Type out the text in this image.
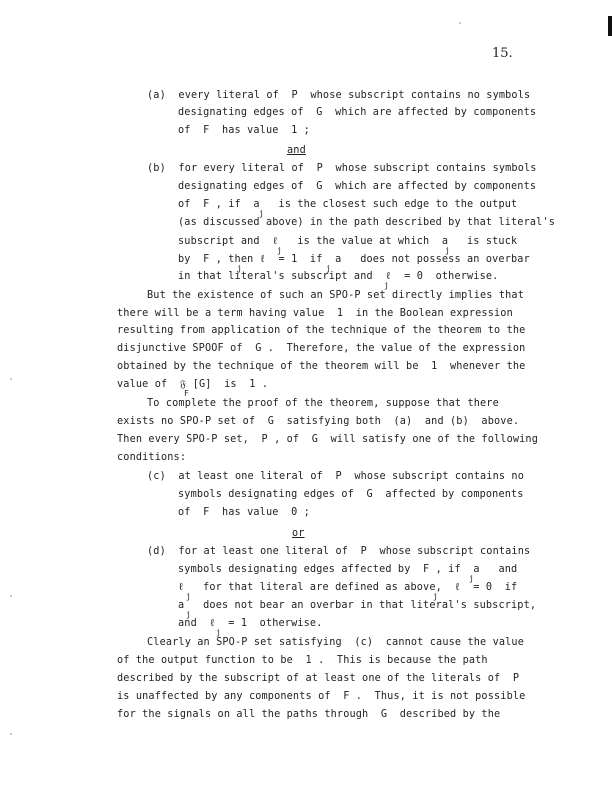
15.
(a)  every literal of  P  whose subscript contains no symbols
designating edges of  G  which are affected by components
of  F  has value  1 ;
and
(b)  for every literal of  P  whose subscript contains symbols
designating edges of  G  which are affected by components
of  F , if  a   is the closest such edge to the output
j
(as discussed above) in the path described by that literal's
subscript and  ℓ   is the value at which  a   is stuck
j	j
by  F , then ℓ  = 1  if  a   does not possess an overbar
j	j
in that literal's subscript and  ℓ  = 0  otherwise.
j
But the existence of such an SPO-P set directly implies that
there will be a term having value  1  in the Boolean expression
resulting from application of the technique of the theorem to the
disjunctive SPOOF of  G .  Therefore, the value of the expression
obtained by the technique of the theorem will be  1  whenever the
value of  𝔉 [G]  is  1 .
F
To complete the proof of the theorem, suppose that there
exists no SPO-P set of  G  satisfying both  (a)  and (b)  above.
Then every SPO-P set,  P , of  G  will satisfy one of the following
conditions:
(c)  at least one literal of  P  whose subscript contains no
symbols designating edges of  G  affected by components
of  F  has value  0 ;
or
(d)  for at least one literal of  P  whose subscript contains
symbols designating edges affected by  F , if  a   and
j
ℓ   for that literal are defined as above,  ℓ  = 0  if
j	j
a   does not bear an overbar in that literal's subscript,
j
and  ℓ  = 1  otherwise.
j
Clearly an SPO-P set satisfying  (c)  cannot cause the value
of the output function to be  1 .  This is because the path
described by the subscript of at least one of the literals of  P
is unaffected by any components of  F .  Thus, it is not possible
for the signals on all the paths through  G  described by the
